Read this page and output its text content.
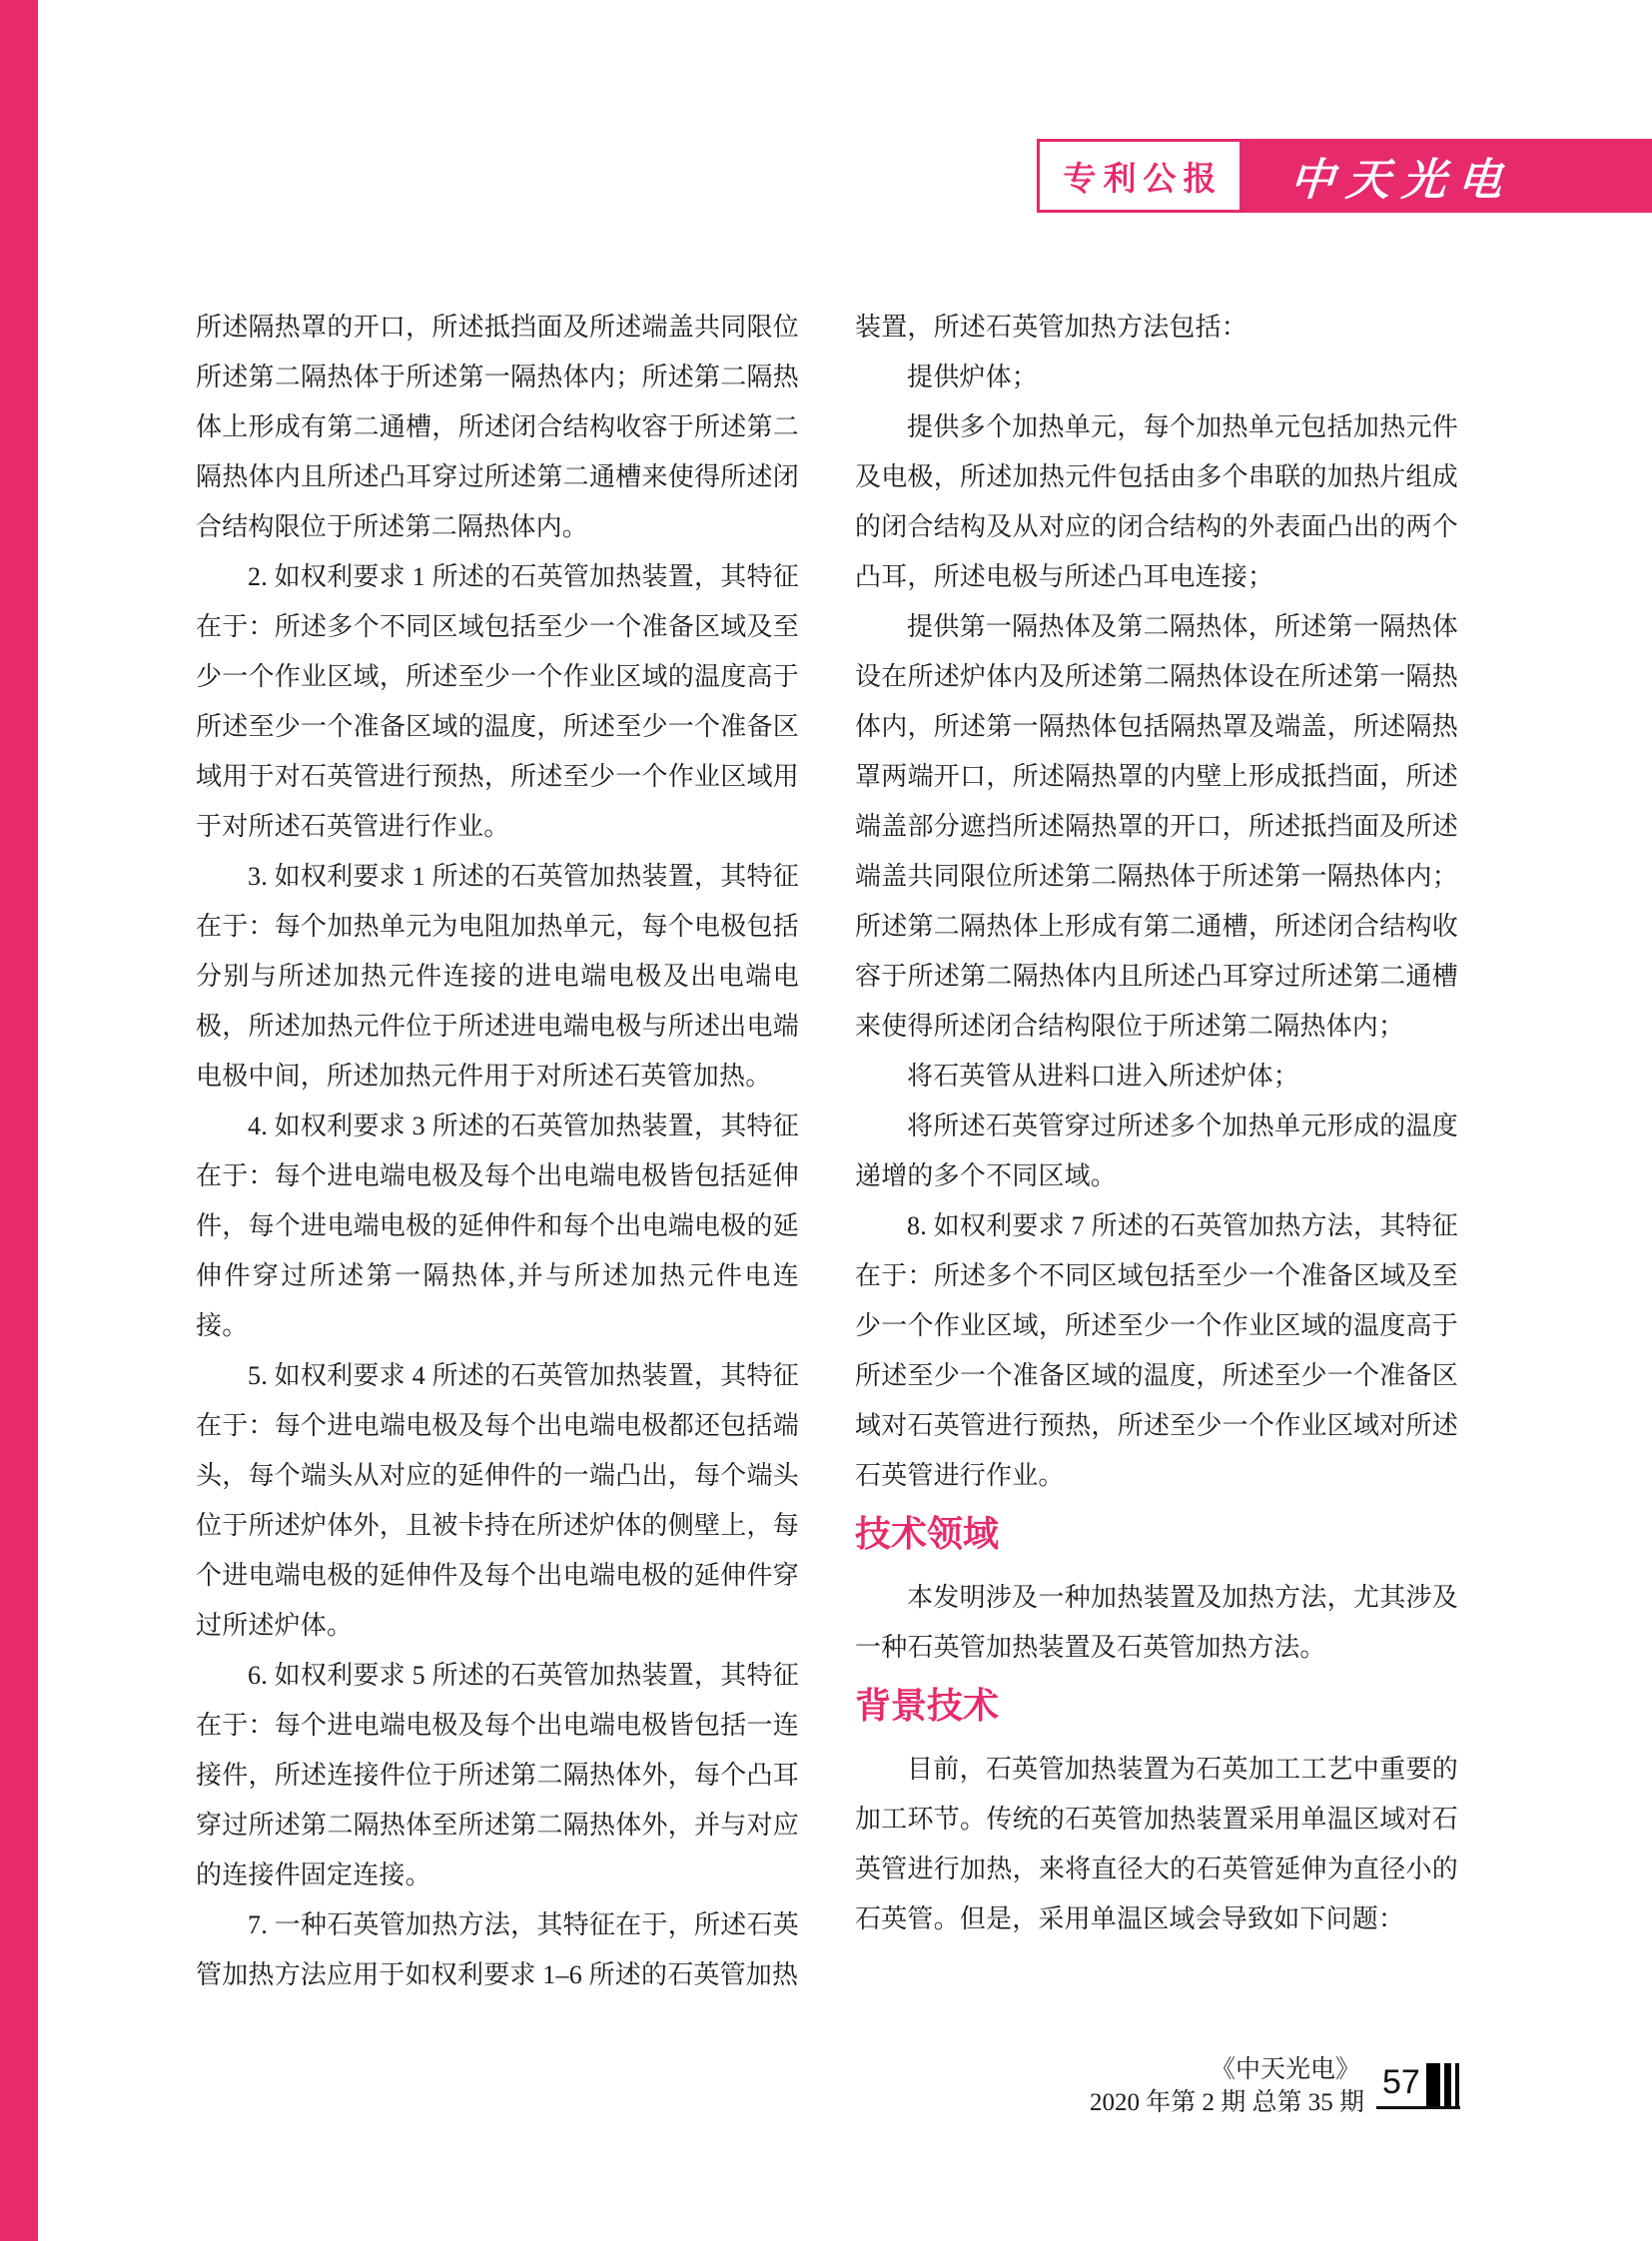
专利公报	中天光电

所述隔热罩的开口，所述抵挡面及所述端盖共同限位所述第二隔热体于所述第一隔热体内；所述第二隔热体上形成有第二通槽，所述闭合结构收容于所述第二隔热体内且所述凸耳穿过所述第二通槽来使得所述闭合结构限位于所述第二隔热体内。

2. 如权利要求 1 所述的石英管加热装置，其特征在于：所述多个不同区域包括至少一个准备区域及至少一个作业区域，所述至少一个作业区域的温度高于所述至少一个准备区域的温度，所述至少一个准备区域用于对石英管进行预热，所述至少一个作业区域用于对所述石英管进行作业。

3. 如权利要求 1 所述的石英管加热装置，其特征在于：每个加热单元为电阻加热单元，每个电极包括分别与所述加热元件连接的进电端电极及出电端电极，所述加热元件位于所述进电端电极与所述出电端电极中间，所述加热元件用于对所述石英管加热。

4. 如权利要求 3 所述的石英管加热装置，其特征在于：每个进电端电极及每个出电端电极皆包括延伸件，每个进电端电极的延伸件和每个出电端电极的延伸件穿过所述第一隔热体,并与所述加热元件电连接。

5. 如权利要求 4 所述的石英管加热装置，其特征在于：每个进电端电极及每个出电端电极都还包括端头，每个端头从对应的延伸件的一端凸出，每个端头位于所述炉体外，且被卡持在所述炉体的侧壁上，每个进电端电极的延伸件及每个出电端电极的延伸件穿过所述炉体。

6. 如权利要求 5 所述的石英管加热装置，其特征在于：每个进电端电极及每个出电端电极皆包括一连接件，所述连接件位于所述第二隔热体外，每个凸耳穿过所述第二隔热体至所述第二隔热体外，并与对应的连接件固定连接。

7. 一种石英管加热方法，其特征在于，所述石英管加热方法应用于如权利要求 1–6 所述的石英管加热

装置，所述石英管加热方法包括：

提供炉体；

提供多个加热单元，每个加热单元包括加热元件及电极，所述加热元件包括由多个串联的加热片组成的闭合结构及从对应的闭合结构的外表面凸出的两个凸耳，所述电极与所述凸耳电连接；

提供第一隔热体及第二隔热体，所述第一隔热体设在所述炉体内及所述第二隔热体设在所述第一隔热体内，所述第一隔热体包括隔热罩及端盖，所述隔热罩两端开口，所述隔热罩的内壁上形成抵挡面，所述端盖部分遮挡所述隔热罩的开口，所述抵挡面及所述端盖共同限位所述第二隔热体于所述第一隔热体内；所述第二隔热体上形成有第二通槽，所述闭合结构收容于所述第二隔热体内且所述凸耳穿过所述第二通槽来使得所述闭合结构限位于所述第二隔热体内；

将石英管从进料口进入所述炉体；

将所述石英管穿过所述多个加热单元形成的温度递增的多个不同区域。

8. 如权利要求 7 所述的石英管加热方法，其特征在于：所述多个不同区域包括至少一个准备区域及至少一个作业区域，所述至少一个作业区域的温度高于所述至少一个准备区域的温度，所述至少一个准备区域对石英管进行预热，所述至少一个作业区域对所述石英管进行作业。

技术领域

本发明涉及一种加热装置及加热方法，尤其涉及一种石英管加热装置及石英管加热方法。

背景技术

目前，石英管加热装置为石英加工工艺中重要的加工环节。传统的石英管加热装置采用单温区域对石英管进行加热，来将直径大的石英管延伸为直径小的石英管。但是，采用单温区域会导致如下问题：

《中天光电》
2020 年第 2 期 总第 35 期
57
